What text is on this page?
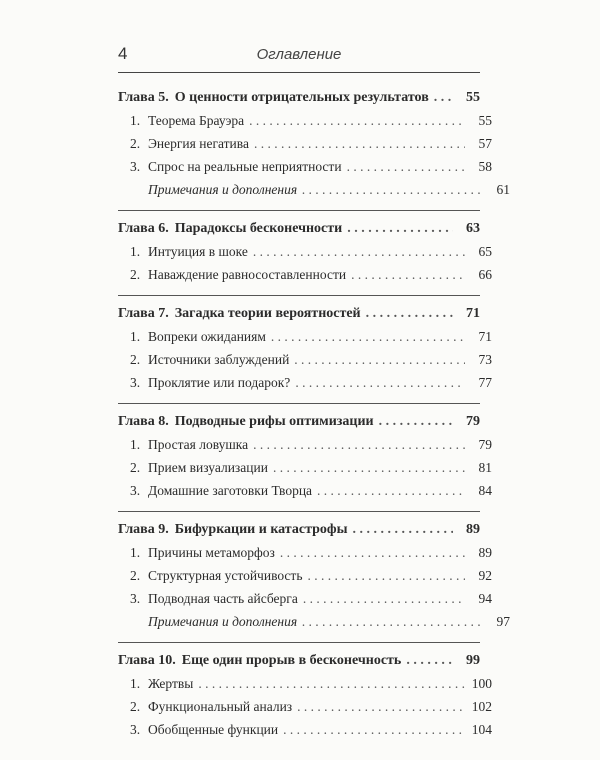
4	Оглавление
Глава 5. О ценности отрицательных результатов . . .	55
1. Теорема Брауэра . . .	55
2. Энергия негатива . . .	57
3. Спрос на реальные неприятности . . .	58
Примечания и дополнения . . .	61
Глава 6. Парадоксы бесконечности . . .	63
1. Интуиция в шоке . . .	65
2. Наваждение равносоставленности . . .	66
Глава 7. Загадка теории вероятностей . . .	71
1. Вопреки ожиданиям . . .	71
2. Источники заблуждений . . .	73
3. Проклятие или подарок? . . .	77
Глава 8. Подводные рифы оптимизации . . .	79
1. Простая ловушка . . .	79
2. Прием визуализации . . .	81
3. Домашние заготовки Творца . . .	84
Глава 9. Бифуркации и катастрофы . . .	89
1. Причины метаморфоз . . .	89
2. Структурная устойчивость . . .	92
3. Подводная часть айсберга . . .	94
Примечания и дополнения . . .	97
Глава 10. Еще один прорыв в бесконечность . . .	99
1. Жертвы . . .	100
2. Функциональный анализ . . .	102
3. Обобщенные функции . . .	104
